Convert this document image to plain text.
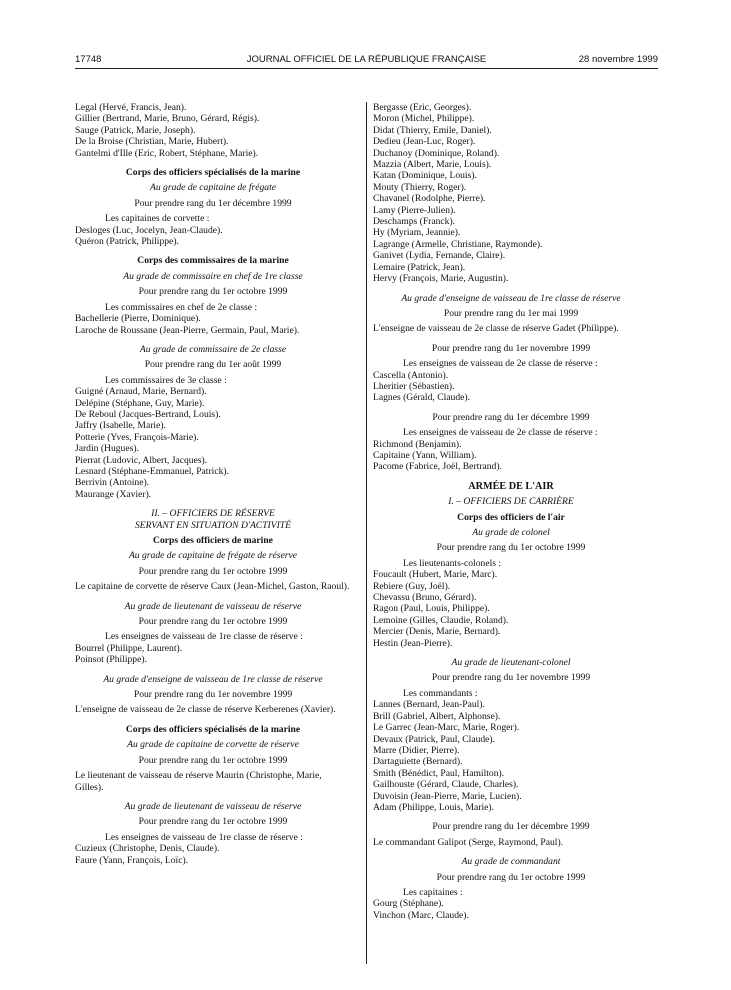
17748	JOURNAL OFFICIEL DE LA RÉPUBLIQUE FRANÇAISE	28 novembre 1999
Legal (Hervé, Francis, Jean).
Gillier (Bertrand, Marie, Bruno, Gérard, Régis).
Sauge (Patrick, Marie, Joseph).
De la Broise (Christian, Marie, Hubert).
Gantelmi d'Ille (Eric, Robert, Stéphane, Marie).
Corps des officiers spécialisés de la marine
Au grade de capitaine de frégate
Pour prendre rang du 1er décembre 1999
Les capitaines de corvette :
Desloges (Luc, Jocelyn, Jean-Claude).
Quéron (Patrick, Philippe).
Corps des commissaires de la marine
Au grade de commissaire en chef de 1re classe
Pour prendre rang du 1er octobre 1999
Les commissaires en chef de 2e classe :
Bachellerie (Pierre, Dominique).
Laroche de Roussane (Jean-Pierre, Germain, Paul, Marie).
Au grade de commissaire de 2e classe
Pour prendre rang du 1er août 1999
Les commissaires de 3e classe :
Guigné (Arnaud, Marie, Bernard).
Delépine (Stéphane, Guy, Marie).
De Reboul (Jacques-Bertrand, Louis).
Jaffry (Isabelle, Marie).
Potterie (Yves, François-Marie).
Jardin (Hugues).
Pierrat (Ludovic, Albert, Jacques).
Lesnard (Stéphane-Emmanuel, Patrick).
Berrivin (Antoine).
Maurange (Xavier).
II. – OFFICIERS DE RÉSERVE
SERVANT EN SITUATION D'ACTIVITÉ
Corps des officiers de marine
Au grade de capitaine de frégate de réserve
Pour prendre rang du 1er octobre 1999
Le capitaine de corvette de réserve Caux (Jean-Michel, Gaston, Raoul).
Au grade de lieutenant de vaisseau de réserve
Pour prendre rang du 1er octobre 1999
Les enseignes de vaisseau de 1re classe de réserve :
Bourrel (Philippe, Laurent).
Poinsot (Philippe).
Au grade d'enseigne de vaisseau de 1re classe de réserve
Pour prendre rang du 1er novembre 1999
L'enseigne de vaisseau de 2e classe de réserve Kerberenes (Xavier).
Corps des officiers spécialisés de la marine
Au grade de capitaine de corvette de réserve
Pour prendre rang du 1er octobre 1999
Le lieutenant de vaisseau de réserve Maurin (Christophe, Marie, Gilles).
Au grade de lieutenant de vaisseau de réserve
Pour prendre rang du 1er octobre 1999
Les enseignes de vaisseau de 1re classe de réserve :
Cuzieux (Christophe, Denis, Claude).
Faure (Yann, François, Loïc).
Bergasse (Eric, Georges).
Moron (Michel, Philippe).
Didat (Thierry, Emile, Daniel).
Dedieu (Jean-Luc, Roger).
Duchanoy (Dominique, Roland).
Mazzia (Albert, Marie, Louis).
Katan (Dominique, Louis).
Mouty (Thierry, Roger).
Chavanel (Rodolphe, Pierre).
Lamy (Pierre-Julien).
Deschamps (Franck).
Hy (Myriam, Jeannie).
Lagrange (Armelle, Christiane, Raymonde).
Ganivet (Lydia, Fernande, Claire).
Lemaire (Patrick, Jean).
Hervy (François, Marie, Augustin).
Au grade d'enseigne de vaisseau de 1re classe de réserve
Pour prendre rang du 1er mai 1999
L'enseigne de vaisseau de 2e classe de réserve Gadet (Philippe).
Pour prendre rang du 1er novembre 1999
Les enseignes de vaisseau de 2e classe de réserve :
Cascella (Antonio).
Lheritier (Sébastien).
Lagnes (Gérald, Claude).
Pour prendre rang du 1er décembre 1999
Les enseignes de vaisseau de 2e classe de réserve :
Richmond (Benjamin).
Capitaine (Yann, William).
Pacome (Fabrice, Joël, Bertrand).
ARMÉE DE L'AIR
I. – OFFICIERS DE CARRIÈRE
Corps des officiers de l'air
Au grade de colonel
Pour prendre rang du 1er octobre 1999
Les lieutenants-colonels :
Foucault (Hubert, Marie, Marc).
Rebiere (Guy, Joël).
Chevassu (Bruno, Gérard).
Ragon (Paul, Louis, Philippe).
Lemoine (Gilles, Claudie, Roland).
Mercier (Denis, Marie, Bernard).
Hestin (Jean-Pierre).
Au grade de lieutenant-colonel
Pour prendre rang du 1er novembre 1999
Les commandants :
Lannes (Bernard, Jean-Paul).
Brill (Gabriel, Albert, Alphonse).
Le Garrec (Jean-Marc, Marie, Roger).
Devaux (Patrick, Paul, Claude).
Marre (Didier, Pierre).
Dartaguiette (Bernard).
Smith (Bénédict, Paul, Hamilton).
Gailhouste (Gérard, Claude, Charles).
Duvoisin (Jean-Pierre, Marie, Lucien).
Adam (Philippe, Louis, Marie).
Pour prendre rang du 1er décembre 1999
Le commandant Galipot (Serge, Raymond, Paul).
Au grade de commandant
Pour prendre rang du 1er octobre 1999
Les capitaines :
Gourg (Stéphane).
Vinchon (Marc, Claude).
